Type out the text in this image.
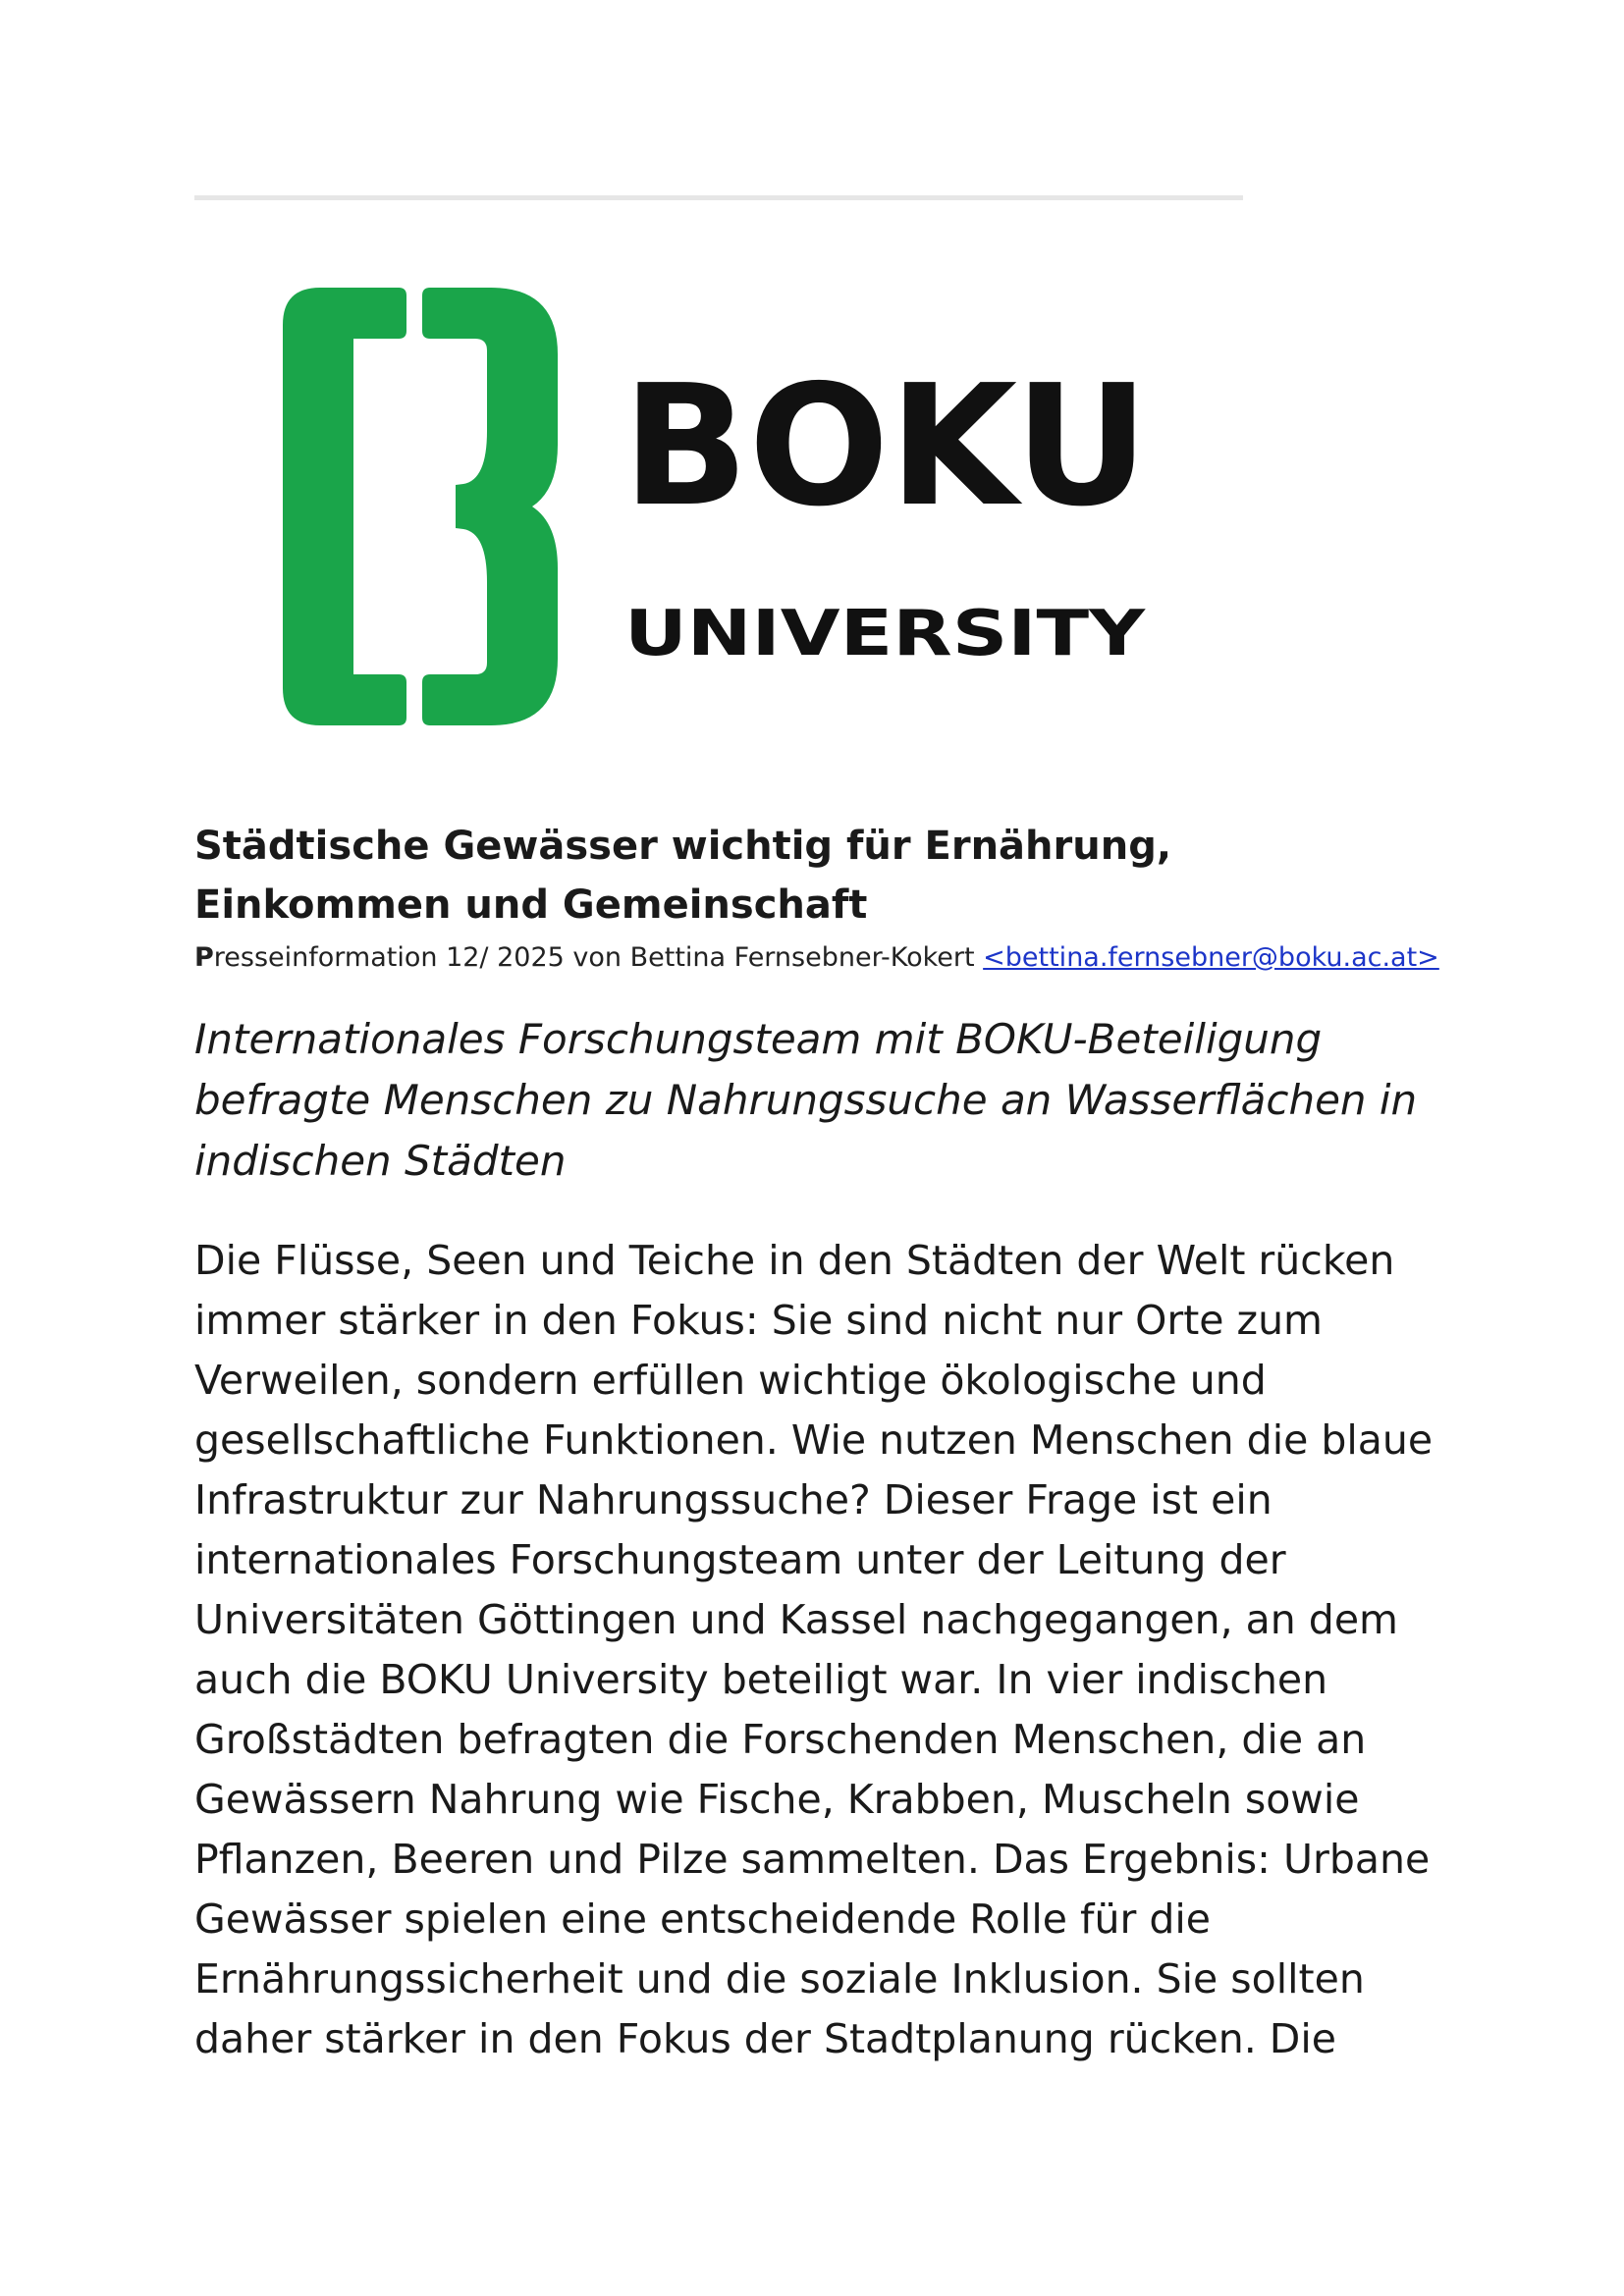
BOKU
UNIVERSITY
Städtische Gewässer wichtig für Ernährung, Einkommen und Gemeinschaft

Presseinformation 12/ 2025 von Bettina Fernsebner-Kokert <bettina.fernsebner@boku.ac.at>

Internationales Forschungsteam mit BOKU-Beteiligung befragte Menschen zu Nahrungssuche an Wasserflächen in indischen Städten

Die Flüsse, Seen und Teiche in den Städten der Welt rücken immer stärker in den Fokus: Sie sind nicht nur Orte zum Verweilen, sondern erfüllen wichtige ökologische und gesellschaftliche Funktionen. Wie nutzen Menschen die blaue Infrastruktur zur Nahrungssuche? Dieser Frage ist ein internationales Forschungsteam unter der Leitung der Universitäten Göttingen und Kassel nachgegangen, an dem auch die BOKU University beteiligt war. In vier indischen Großstädten befragten die Forschenden Menschen, die an Gewässern Nahrung wie Fische, Krabben, Muscheln sowie Pflanzen, Beeren und Pilze sammelten. Das Ergebnis: Urbane Gewässer spielen eine entscheidende Rolle für die Ernährungssicherheit und die soziale Inklusion. Sie sollten daher stärker in den Fokus der Stadtplanung rücken. Die
